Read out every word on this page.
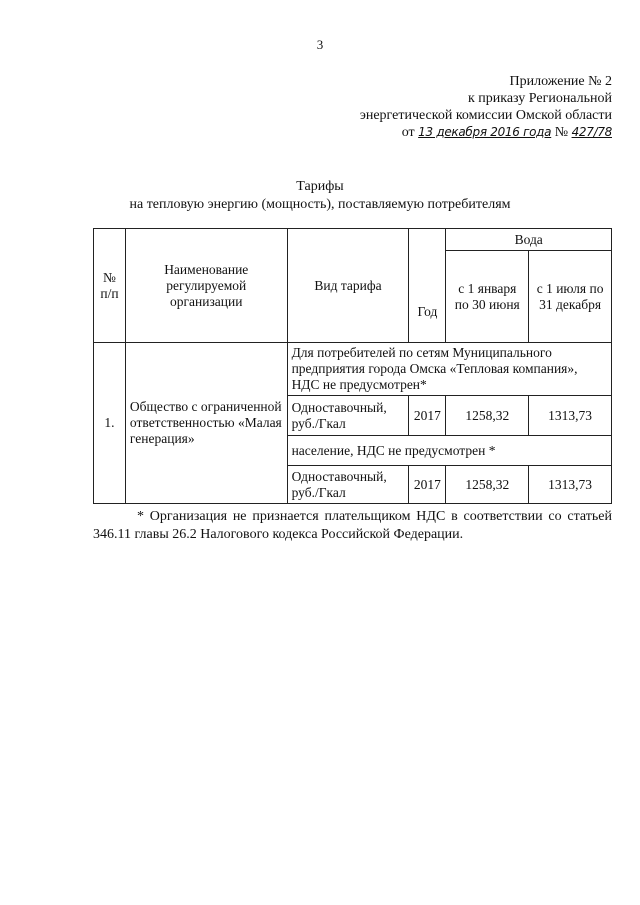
3
Приложение № 2
к приказу Региональной
энергетической комиссии Омской области
от 13 декабря 2016 года № 427/78
Тарифы
на тепловую энергию (мощность), поставляемую потребителям
№ п/п	Наименование регулируемой организации	Вид тарифа	Год	Вода	
				с 1 января по 30 июня	с 1 июля по 31 декабря
1.	Общество с ограниченной ответственностью «Малая генерация»	Для потребителей по сетям Муниципального предприятия города Омска «Тепловая компания», НДС не предусмотрен*			
		Одноставочный, руб./Гкал	2017	1258,32	1313,73
		население, НДС не предусмотрен *			
		Одноставочный, руб./Гкал	2017	1258,32	1313,73
* Организация не признается плательщиком НДС в соответствии со статьей 346.11 главы 26.2 Налогового кодекса Российской Федерации.
